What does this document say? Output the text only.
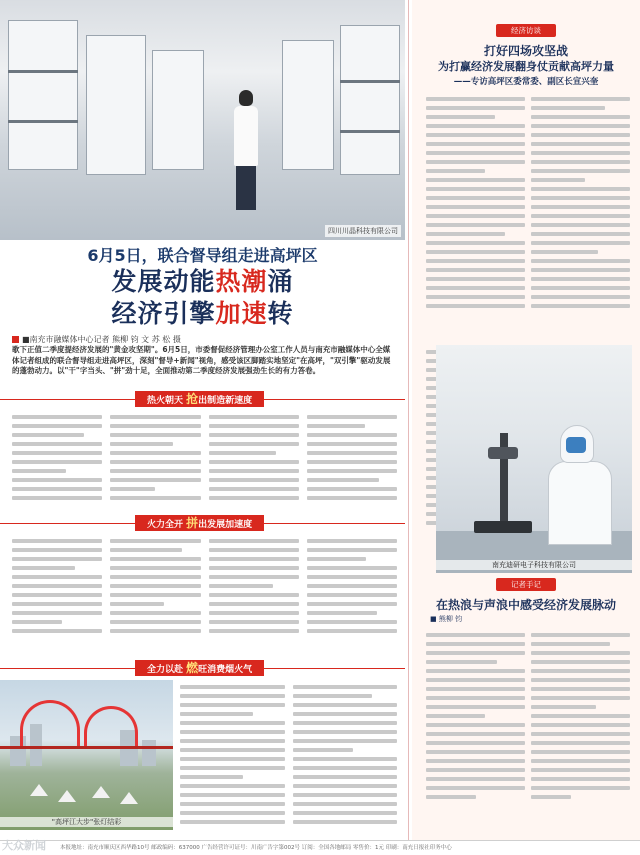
四川川晶科技有限公司
6月5日，联合督导组走进高坪区
发展动能热潮涌
经济引擎加速转
■南充市融媒体中心记者 熊柳 钧 文 苏 松 摄
歌下正值二季度提经济发展的"黄金攻坚期"。6月5日，市委督促经济管理办公室工作人员与南充市融媒体中心全媒体记者组成的联合督导组走进高坪区，深刻"督导+新闻"视角，感受该区脚踏实地坚定"在高坪，"双引擎"驱动发展的蓬勃动力。以"干"字当头、"拼"劲十足，全面推动第二季度经济发展强劲生长的有力答卷。
热火朝天 抢出制造新速度
火力全开 拼出发展加速度
全力以赴 燃旺消费烟火气
"高坪江大步"张灯结彩
经济访谈
打好四场攻坚战
为打赢经济发展翻身仗贡献高坪力量
——专访高坪区委常委、副区长宣兴奎
记者手记
在热浪与声浪中感受经济发展脉动
■ 熊柳 钧
南充迪研电子科技有限公司
本报地址：南充市顺庆区西华路10号 邮政编码：637000 广告经营许可证号：川南广告字第002号 订阅：全国各地邮局 零售价：1元 印刷：南充日报社印务中心
大众新闻
